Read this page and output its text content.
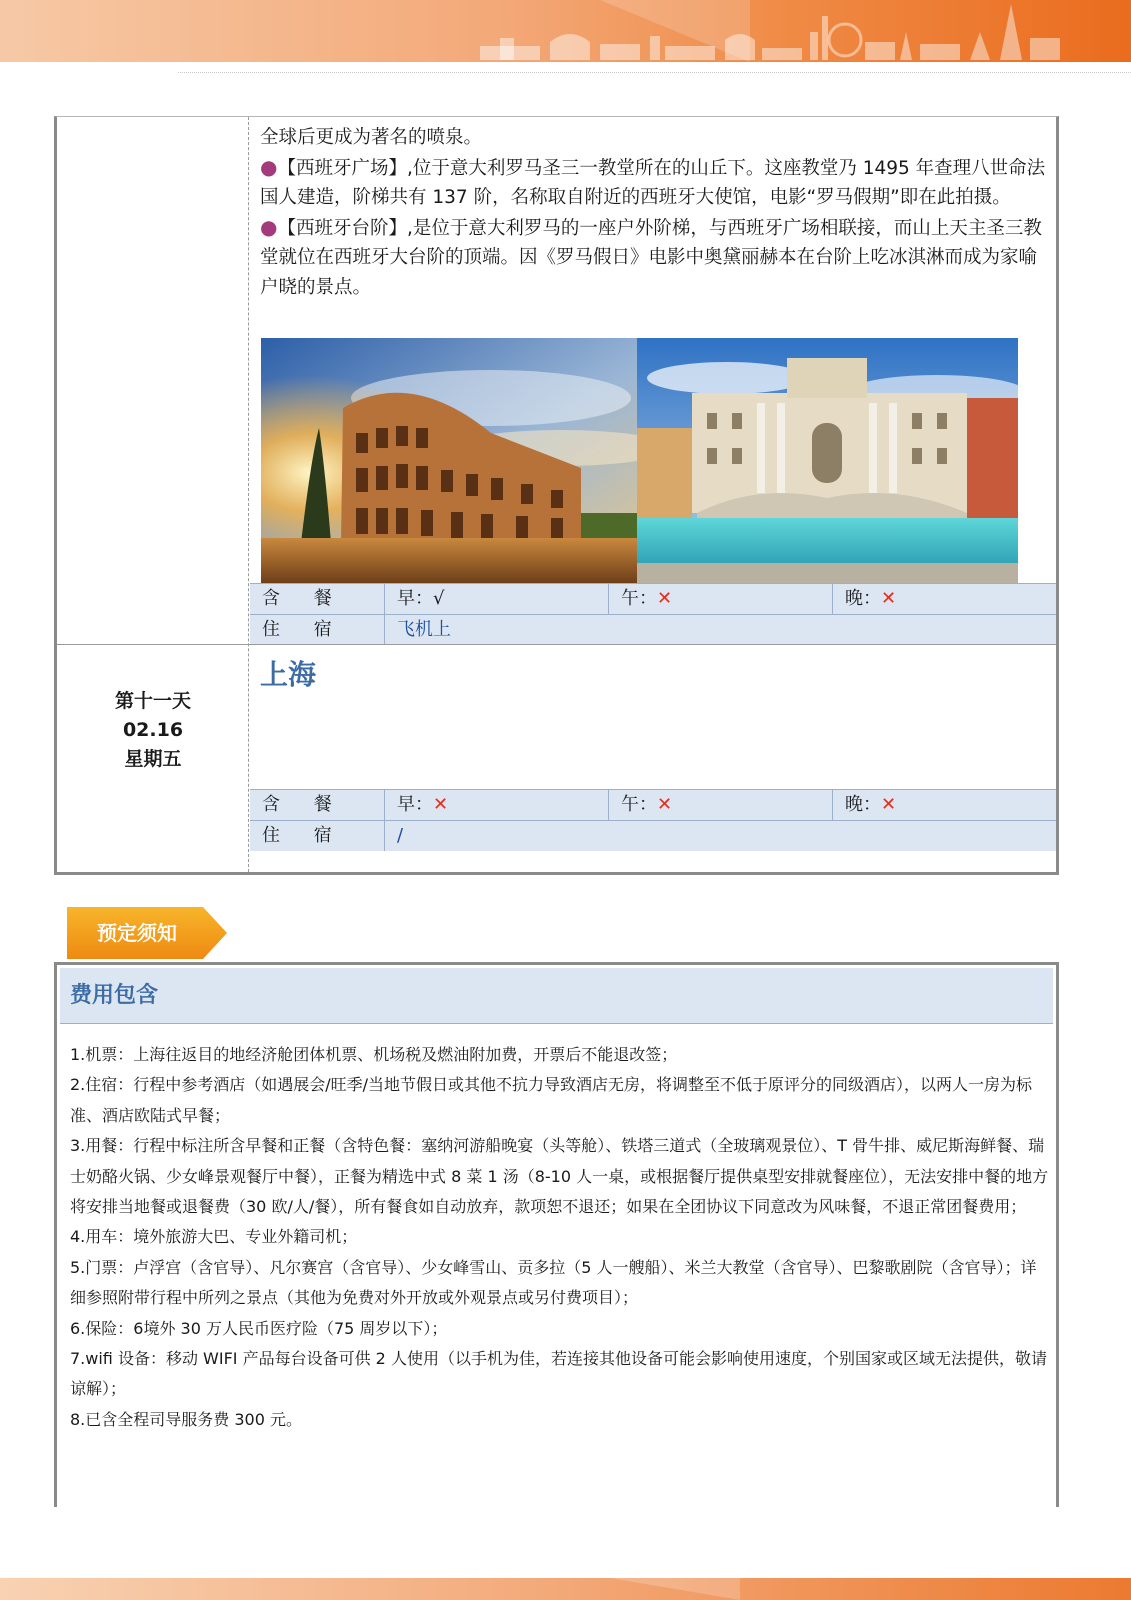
全球后更成为著名的喷泉。

●【西班牙广场】,位于意大利罗马圣三一教堂所在的山丘下。这座教堂乃 1495 年查理八世命法国人建造，阶梯共有 137 阶，名称取自附近的西班牙大使馆，电影“罗马假期”即在此拍摄。

●【西班牙台阶】,是位于意大利罗马的一座户外阶梯，与西班牙广场相联接，而山上天主圣三教堂就位在西班牙大台阶的顶端。因《罗马假日》电影中奥黛丽赫本在台阶上吃冰淇淋而成为家喻户晓的景点。

含 餐	早：√	午：✕	晚：✕
住 宿	飞机上
第十一天
02.16
星期五
上海
含 餐	早：✕	午：✕	晚：✕
住 宿	/
预定须知
费用包含

1.机票：上海往返目的地经济舱团体机票、机场税及燃油附加费，开票后不能退改签；

2.住宿：行程中参考酒店（如遇展会/旺季/当地节假日或其他不抗力导致酒店无房，将调整至不低于原评分的同级酒店），以两人一房为标准、酒店欧陆式早餐；

3.用餐：行程中标注所含早餐和正餐（含特色餐：塞纳河游船晚宴（头等舱）、铁塔三道式（全玻璃观景位）、T 骨牛排、威尼斯海鲜餐、瑞士奶酪火锅、少女峰景观餐厅中餐），正餐为精选中式 8 菜 1 汤（8-10 人一桌，或根据餐厅提供桌型安排就餐座位），无法安排中餐的地方将安排当地餐或退餐费（30 欧/人/餐），所有餐食如自动放弃，款项恕不退还；如果在全团协议下同意改为风味餐，不退正常团餐费用；

4.用车：境外旅游大巴、专业外籍司机；

5.门票：卢浮宫（含官导）、凡尔赛宫（含官导）、少女峰雪山、贡多拉（5 人一艘船）、米兰大教堂（含官导）、巴黎歌剧院（含官导）；详细参照附带行程中所列之景点（其他为免费对外开放或外观景点或另付费项目）；

6.保险：6境外 30 万人民币医疗险（75 周岁以下）；

7.wifi 设备：移动 WIFI 产品每台设备可供 2 人使用（以手机为佳，若连接其他设备可能会影响使用速度，个别国家或区域无法提供，敬请谅解）；

8.已含全程司导服务费 300 元。
